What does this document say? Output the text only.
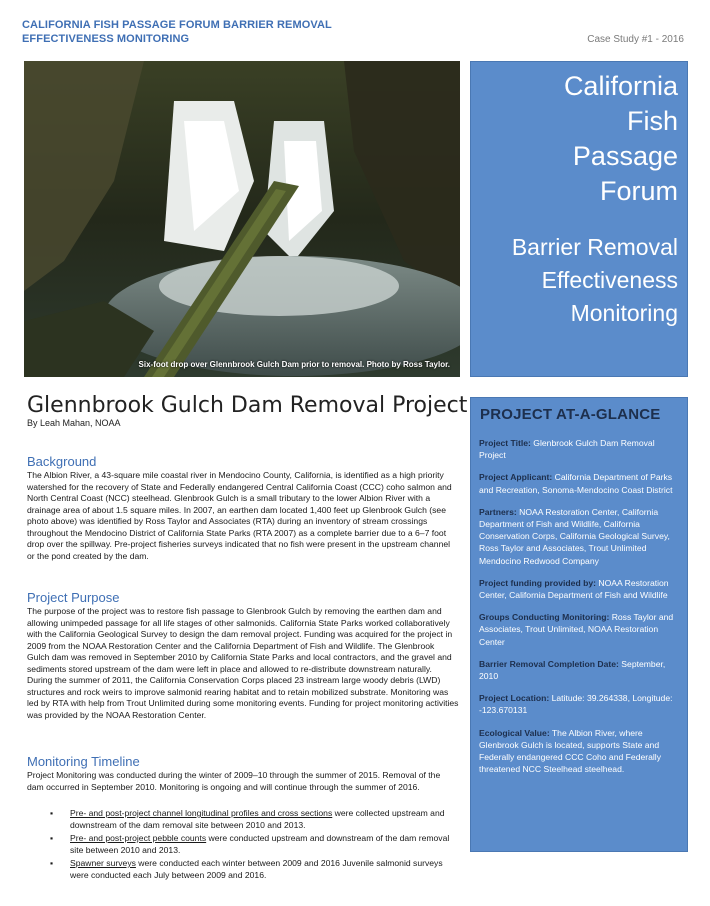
CALIFORNIA FISH PASSAGE FORUM BARRIER REMOVAL EFFECTIVENESS MONITORING	Case Study #1 - 2016
Six-foot drop over Glennbrook Gulch Dam prior to removal. Photo by Ross Taylor.
California
Fish
Passage
Forum
Barrier Removal
Effectiveness
Monitoring
Glennbrook Gulch Dam Removal Project
By Leah Mahan, NOAA
Background

The Albion River, a 43-square mile coastal river in Mendocino County, California, is identified as a high priority watershed for the recovery of State and Federally endangered Central California Coast (CCC) coho salmon and North Central Coast (NCC) steelhead. Glenbrook Gulch is a small tributary to the lower Albion River with a drainage area of about 1.5 square miles. In 2007, an earthen dam located 1,400 feet up Glenbrook Gulch (see photo above) was identified by Ross Taylor and Associates (RTA) during an inventory of stream crossings throughout the Mendocino District of California State Parks (RTA 2007) as a complete barrier due to a 6–7 foot drop over the spillway. Pre-project fisheries surveys indicated that no fish were present in the upstream channel or the pond created by the dam.

Project Purpose

The purpose of the project was to restore fish passage to Glenbrook Gulch by removing the earthen dam and allowing unimpeded passage for all life stages of other salmonids. California State Parks worked collaboratively with the California Geological Survey to design the dam removal project. Funding was acquired for the project in 2009 from the NOAA Restoration Center and the California Department of Fish and Wildlife. The Glenbrook Gulch dam was removed in September 2010 by California State Parks and local contractors, and the gravel and sediments stored upstream of the dam were left in place and allowed to re-distribute downstream naturally. During the summer of 2011, the California Conservation Corps placed 23 instream large woody debris (LWD) structures and rock weirs to improve salmonid rearing habitat and to retain mobilized substrate. Monitoring was led by RTA with help from Trout Unlimited during some monitoring events. Funding for project monitoring activities was provided by the NOAA Restoration Center.

Monitoring Timeline

Project Monitoring was conducted during the winter of 2009–10 through the summer of 2015. Removal of the dam occurred in September 2010. Monitoring is ongoing and will continue through the summer of 2016.

▪ Pre- and post-project channel longitudinal profiles and cross sections were collected upstream and downstream of the dam removal site between 2010 and 2013.
▪ Pre- and post-project pebble counts were conducted upstream and downstream of the dam removal site between 2010 and 2013.
▪ Spawner surveys were conducted each winter between 2009 and 2016 Juvenile salmonid surveys were conducted each July between 2009 and 2016.
PROJECT AT-A-GLANCE
Project Title: Glenbrook Gulch Dam Removal Project
Project Applicant: California Department of Parks and Recreation, Sonoma-Mendocino Coast District
Partners: NOAA Restoration Center, California Department of Fish and Wildlife, California Conservation Corps, California Geological Survey, Ross Taylor and Associates, Trout Unlimited Mendocino Redwood Company
Project funding provided by: NOAA Restoration Center, California Department of Fish and Wildlife
Groups Conducting Monitoring: Ross Taylor and Associates, Trout Unlimited, NOAA Restoration Center
Barrier Removal Completion Date: September, 2010
Project Location: Latitude: 39.264338, Longitude: -123.670131
Ecological Value: The Albion River, where Glenbrook Gulch is located, supports State and Federally endangered CCC Coho and Federally threatened NCC Steelhead steelhead.
